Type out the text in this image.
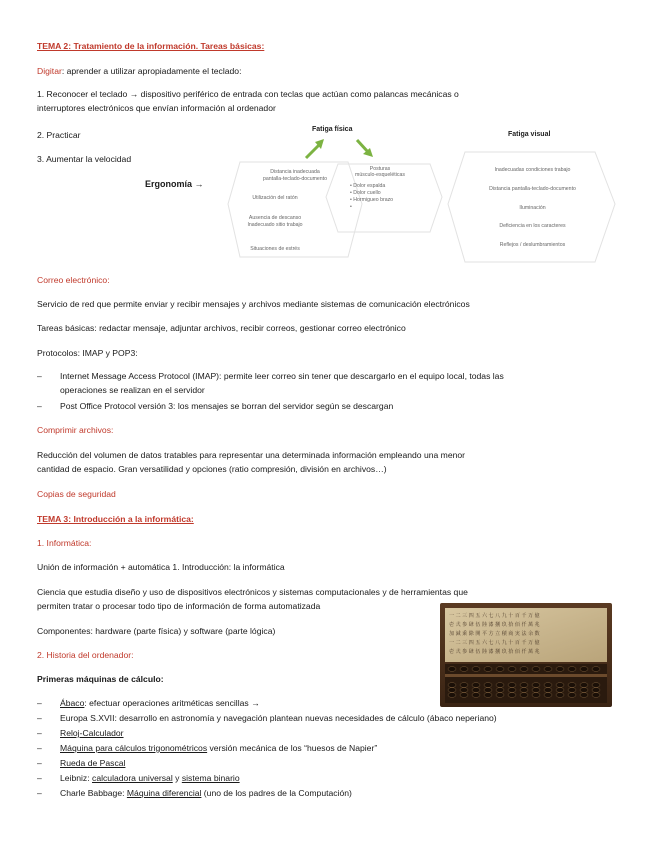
TEMA 2: Tratamiento de la información. Tareas básicas:
Digitar: aprender a utilizar apropiadamente el teclado:
1. Reconocer el teclado → dispositivo periférico de entrada con teclas que actúan como palancas mecánicas o
interruptores electrónicos que envían información al ordenador
2. Practicar
3. Aumentar la velocidad
Ergonomía →
Fatiga física
Fatiga visual
Distancia inadecuada
pantalla-teclado-documento
Utilización del ratón
Ausencia de descanso
Inadecuado sitio trabajo
Situaciones de estrés
Posturas
músculo-esqueléticas
• Dolor espalda
• Dolor cuello
• Hormigueo brazo
•
Inadecuadas condiciones trabajo
Distancia pantalla-teclado-documento
Iluminación
Deficiencia en los caracteres
Reflejos / deslumbramientos
Correo electrónico:
Servicio de red que permite enviar y recibir mensajes y archivos mediante sistemas de comunicación electrónicos
Tareas básicas: redactar mensaje, adjuntar archivos, recibir correos, gestionar correo electrónico
Protocolos: IMAP y POP3:
–	Internet Message Access Protocol (IMAP): permite leer correo sin tener que descargarlo en el equipo local, todas las
operaciones se realizan en el servidor
–	Post Office Protocol versión 3: los mensajes se borran del servidor según se descargan
Comprimir archivos:
Reducción del volumen de datos tratables para representar una determinada información empleando una menor
cantidad de espacio. Gran versatilidad y opciones (ratio compresión, división en archivos…)
Copias de seguridad
TEMA 3: Introducción a la informática:
1. Informática:
Unión de información + automática 1. Introducción: la informática
Ciencia que estudia diseño y uso de dispositivos electrónicos y sistemas computacionales y de herramientas que
permiten tratar o procesar todo tipo de información de forma automatizada
Componentes: hardware (parte física) y software (parte lógica)
2. Historia del ordenador:
Primeras máquinas de cálculo:
一 二 三 四 五 六 七 八 九 十 百 千 万 億
壱 弐 参 肆 伍 陸 漆 捌 玖 拾 佰 仟 萬 兆
加 減 乗 除 開 平 方 立 積 商 実 法 余 数
一 二 三 四 五 六 七 八 九 十 百 千 万 億
壱 弐 参 肆 伍 陸 漆 捌 玖 拾 佰 仟 萬 兆
–	Ábaco: efectuar operaciones aritméticas sencillas →
–	Europa S.XVII: desarrollo en astronomía y navegación plantean nuevas necesidades de cálculo (ábaco neperiano)
–	Reloj-Calculador
–	Máquina para cálculos trigonométricos versión mecánica de los “huesos de Napier”
–	Rueda de Pascal
–	Leibniz: calculadora universal y sistema binario
–	Charle Babbage: Máquina diferencial (uno de los padres de la Computación)
